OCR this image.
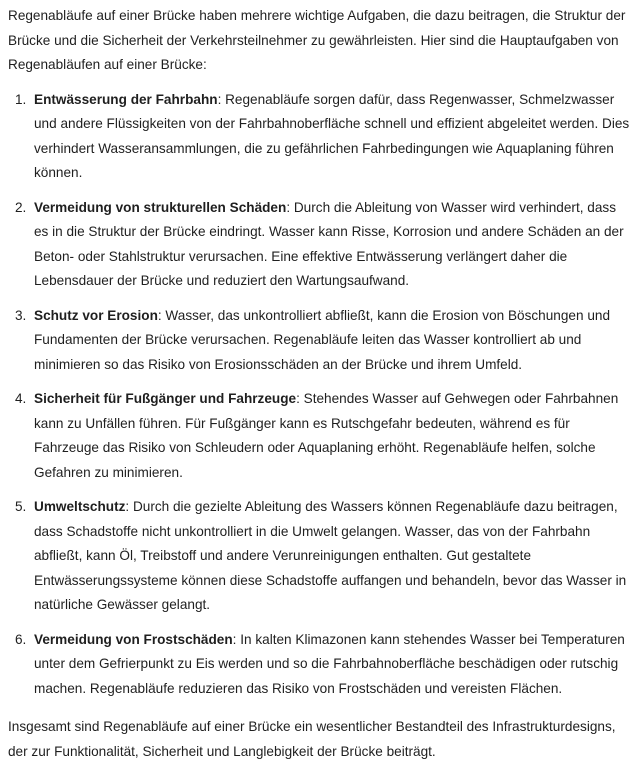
Regenabläufe auf einer Brücke haben mehrere wichtige Aufgaben, die dazu beitragen, die Struktur der Brücke und die Sicherheit der Verkehrsteilnehmer zu gewährleisten. Hier sind die Hauptaufgaben von Regenabläufen auf einer Brücke:

1. Entwässerung der Fahrbahn: Regenabläufe sorgen dafür, dass Regenwasser, Schmelzwasser und andere Flüssigkeiten von der Fahrbahnoberfläche schnell und effizient abgeleitet werden. Dies verhindert Wasseransammlungen, die zu gefährlichen Fahrbedingungen wie Aquaplaning führen können.
2. Vermeidung von strukturellen Schäden: Durch die Ableitung von Wasser wird verhindert, dass es in die Struktur der Brücke eindringt. Wasser kann Risse, Korrosion und andere Schäden an der Beton- oder Stahlstruktur verursachen. Eine effektive Entwässerung verlängert daher die Lebensdauer der Brücke und reduziert den Wartungsaufwand.
3. Schutz vor Erosion: Wasser, das unkontrolliert abfließt, kann die Erosion von Böschungen und Fundamenten der Brücke verursachen. Regenabläufe leiten das Wasser kontrolliert ab und minimieren so das Risiko von Erosionsschäden an der Brücke und ihrem Umfeld.
4. Sicherheit für Fußgänger und Fahrzeuge: Stehendes Wasser auf Gehwegen oder Fahrbahnen kann zu Unfällen führen. Für Fußgänger kann es Rutschgefahr bedeuten, während es für Fahrzeuge das Risiko von Schleudern oder Aquaplaning erhöht. Regenabläufe helfen, solche Gefahren zu minimieren.
5. Umweltschutz: Durch die gezielte Ableitung des Wassers können Regenabläufe dazu beitragen, dass Schadstoffe nicht unkontrolliert in die Umwelt gelangen. Wasser, das von der Fahrbahn abfließt, kann Öl, Treibstoff und andere Verunreinigungen enthalten. Gut gestaltete Entwässerungssysteme können diese Schadstoffe auffangen und behandeln, bevor das Wasser in natürliche Gewässer gelangt.
6. Vermeidung von Frostschäden: In kalten Klimazonen kann stehendes Wasser bei Temperaturen unter dem Gefrierpunkt zu Eis werden und so die Fahrbahnoberfläche beschädigen oder rutschig machen. Regenabläufe reduzieren das Risiko von Frostschäden und vereisten Flächen.

Insgesamt sind Regenabläufe auf einer Brücke ein wesentlicher Bestandteil des Infrastrukturdesigns, der zur Funktionalität, Sicherheit und Langlebigkeit der Brücke beiträgt.
